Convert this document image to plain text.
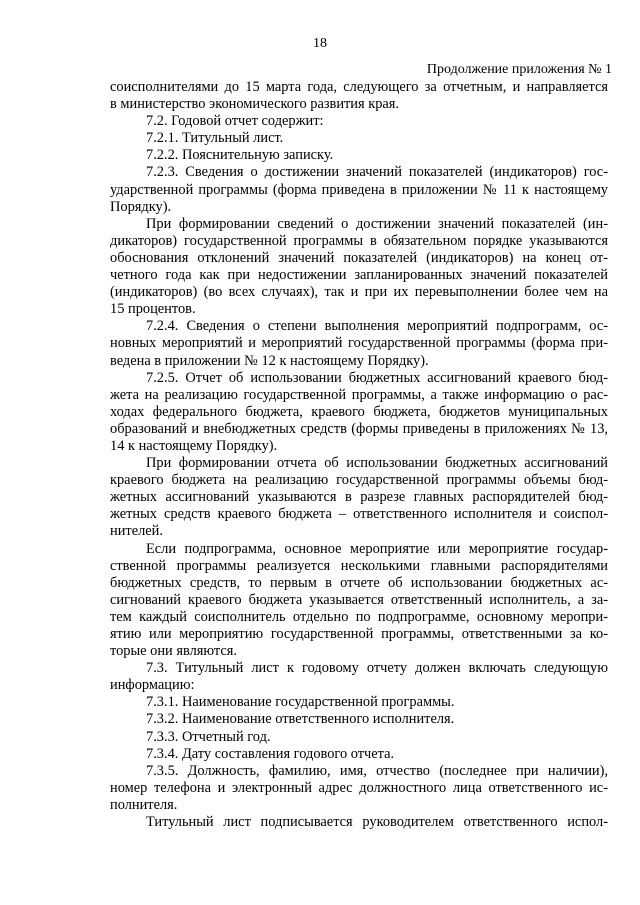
18

Продолжение приложения № 1

соисполнителями до 15 марта года, следующего за отчетным, и направляется

в министерство экономического развития края.

7.2. Годовой отчет содержит:

7.2.1. Титульный лист.

7.2.2. Пояснительную записку.

7.2.3. Сведения о достижении значений показателей (индикаторов) гос-

ударственной программы (форма приведена в приложении № 11 к настоящему

Порядку).

При формировании сведений о достижении значений показателей (ин-

дикаторов) государственной программы в обязательном порядке указываются

обоснования отклонений значений показателей (индикаторов) на конец от-

четного года как при недостижении запланированных значений показателей

(индикаторов) (во всех случаях), так и при их перевыполнении более чем на

15 процентов.

7.2.4. Сведения о степени выполнения мероприятий подпрограмм, ос-

новных мероприятий и мероприятий государственной программы (форма при-

ведена в приложении № 12 к настоящему Порядку).

7.2.5. Отчет об использовании бюджетных ассигнований краевого бюд-

жета на реализацию государственной программы, а также информацию о рас-

ходах федерального бюджета, краевого бюджета, бюджетов муниципальных

образований и внебюджетных средств (формы приведены в приложениях № 13,

14 к настоящему Порядку).

При формировании отчета об использовании бюджетных ассигнований

краевого бюджета на реализацию государственной программы объемы бюд-

жетных ассигнований указываются в разрезе главных распорядителей бюд-

жетных средств краевого бюджета – ответственного исполнителя и соиспол-

нителей.

Если подпрограмма, основное мероприятие или мероприятие государ-

ственной программы реализуется несколькими главными распорядителями

бюджетных средств, то первым в отчете об использовании бюджетных ас-

сигнований краевого бюджета указывается ответственный исполнитель, а за-

тем каждый соисполнитель отдельно по подпрограмме, основному меропри-

ятию или мероприятию государственной программы, ответственными за ко-

торые они являются.

7.3. Титульный лист к годовому отчету должен включать следующую

информацию:

7.3.1. Наименование государственной программы.

7.3.2. Наименование ответственного исполнителя.

7.3.3. Отчетный год.

7.3.4. Дату составления годового отчета.

7.3.5. Должность, фамилию, имя, отчество (последнее при наличии),

номер телефона и электронный адрес должностного лица ответственного ис-

полнителя.

Титульный лист подписывается руководителем ответственного испол-
